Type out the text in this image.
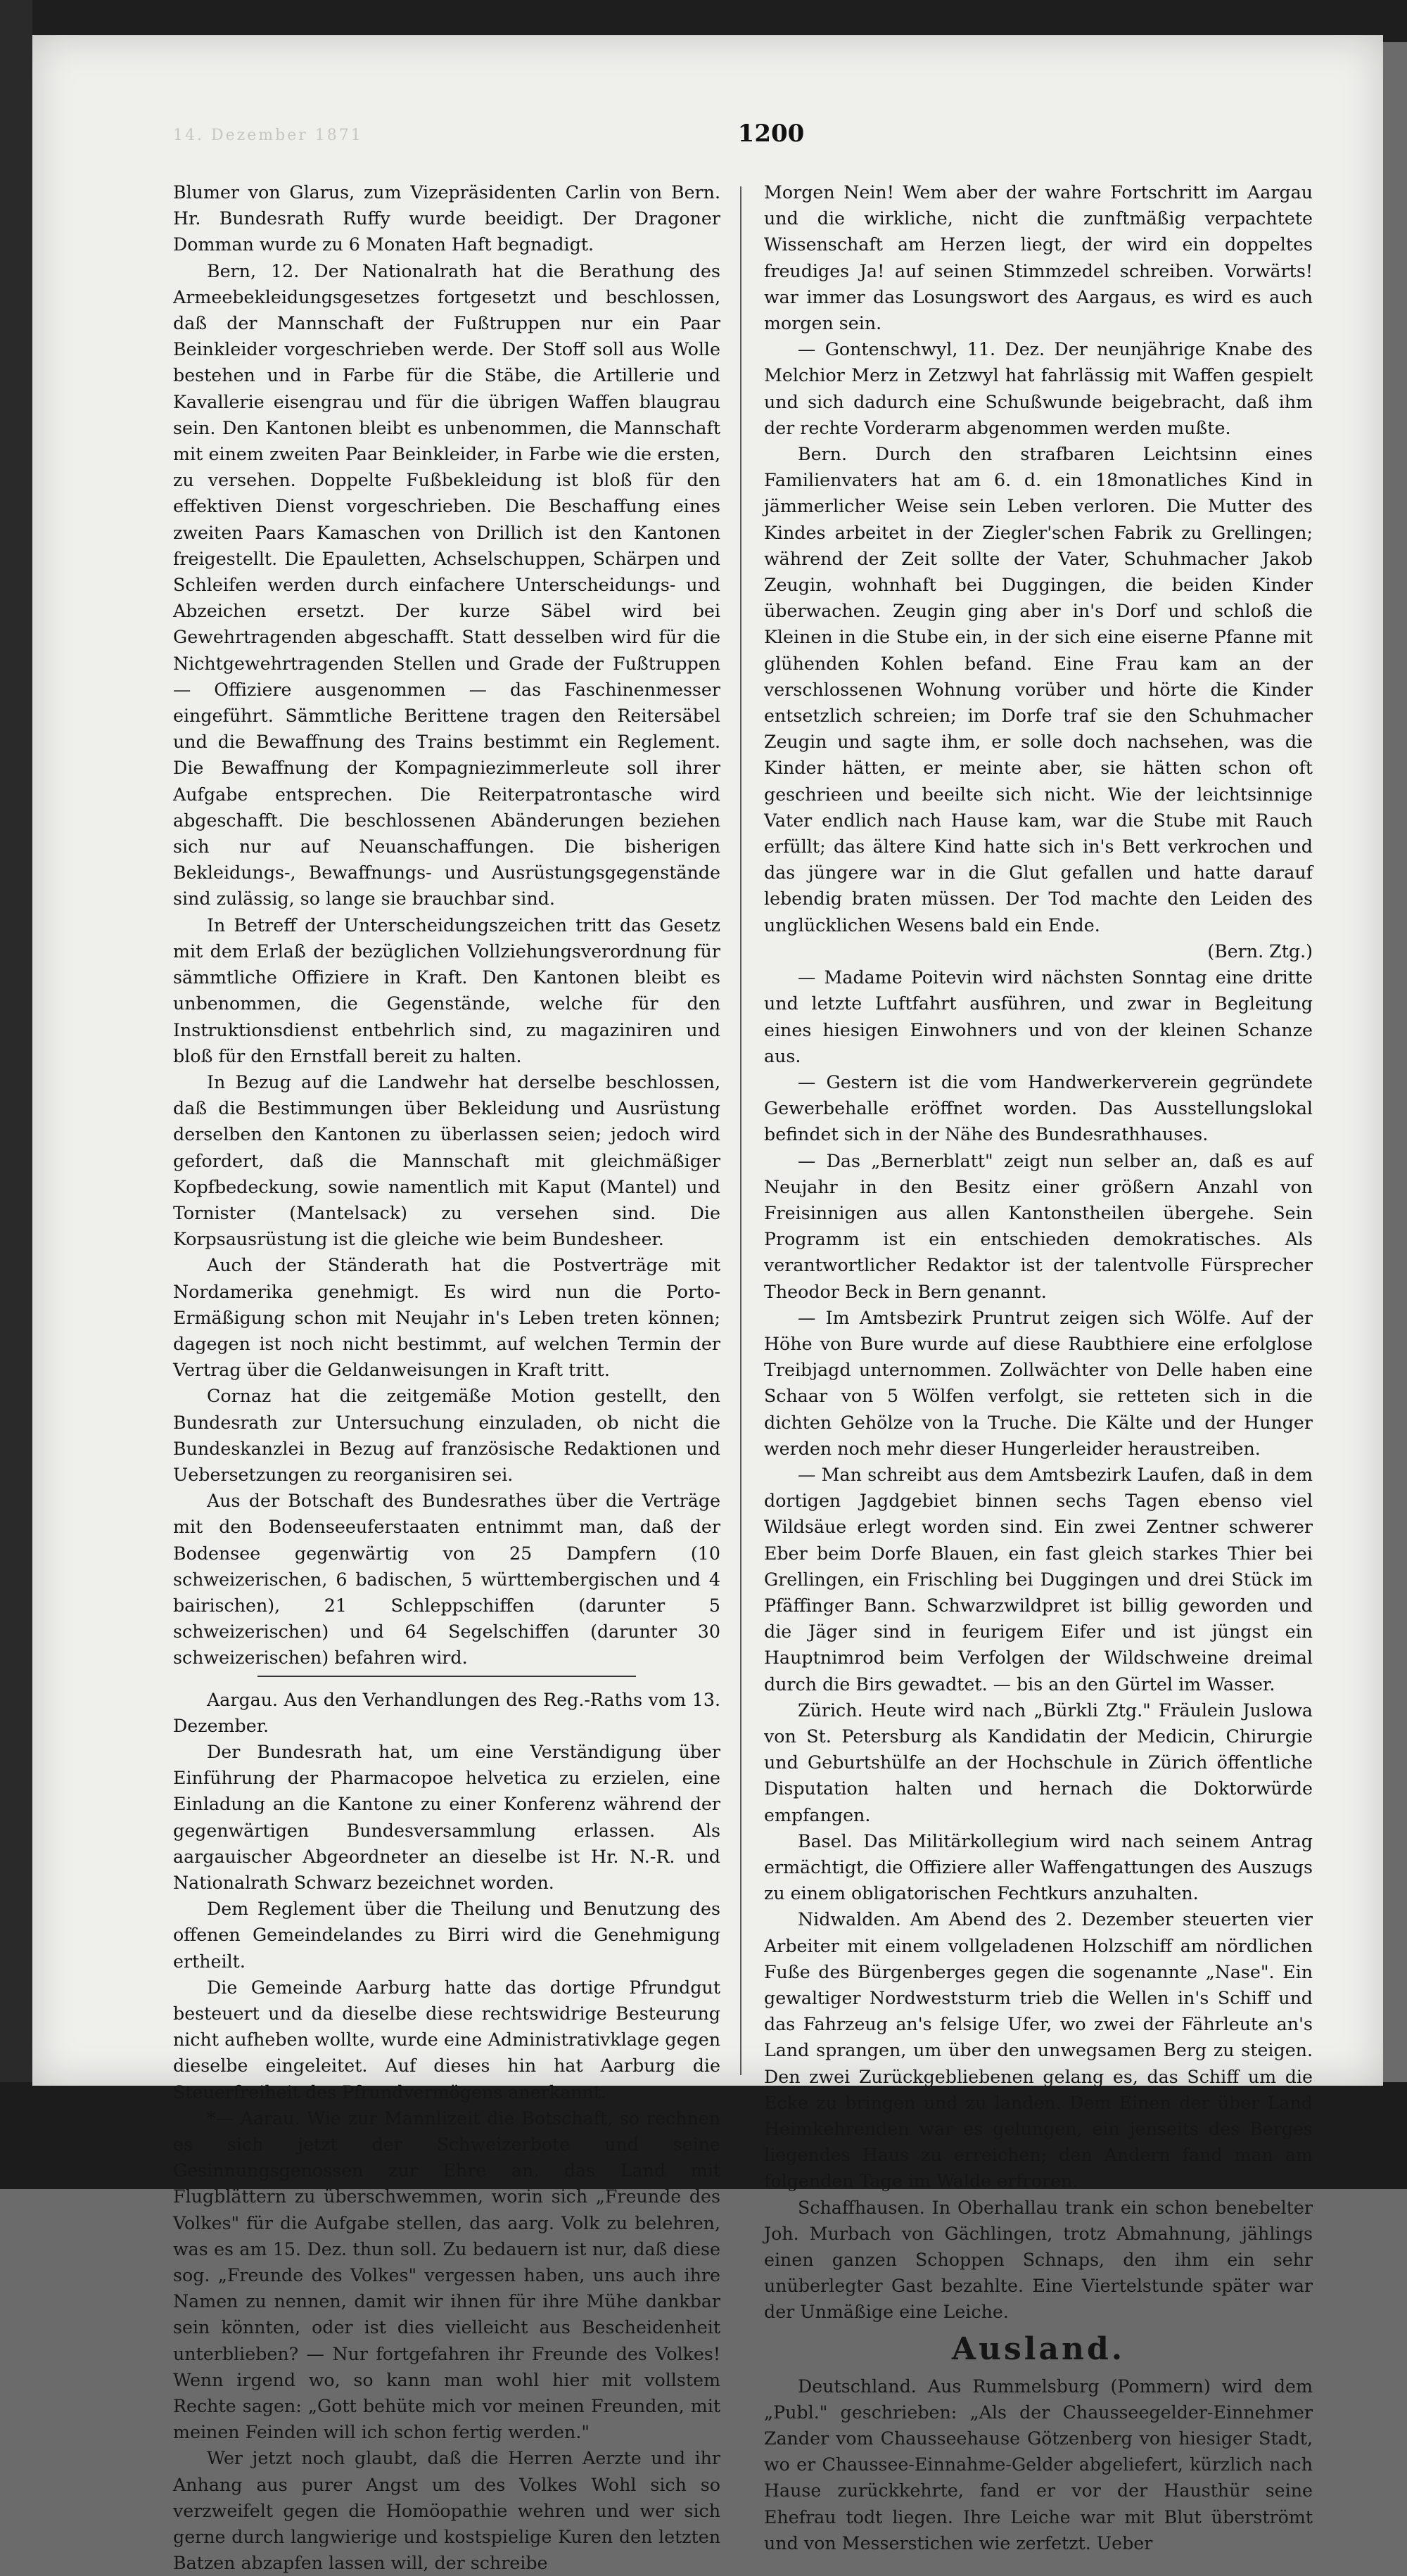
14. Dezember 1871	1200

Blumer von Glarus, zum Vizepräsidenten Carlin von Bern. Hr. Bundesrath Ruffy wurde beeidigt. Der Dragoner Domman wurde zu 6 Monaten Haft begnadigt.

Bern, 12. Der Nationalrath hat die Berathung des Armeebekleidungsgesetzes fortgesetzt und beschlossen, daß der Mannschaft der Fußtruppen nur ein Paar Beinkleider vorgeschrieben werde. Der Stoff soll aus Wolle bestehen und in Farbe für die Stäbe, die Artillerie und Kavallerie eisengrau und für die übrigen Waffen blaugrau sein. Den Kantonen bleibt es unbenommen, die Mannschaft mit einem zweiten Paar Beinkleider, in Farbe wie die ersten, zu versehen. Doppelte Fußbekleidung ist bloß für den effektiven Dienst vorgeschrieben. Die Beschaffung eines zweiten Paars Kamaschen von Drillich ist den Kantonen freigestellt. Die Epauletten, Achselschuppen, Schärpen und Schleifen werden durch einfachere Unterscheidungs- und Abzeichen ersetzt. Der kurze Säbel wird bei Gewehrtragenden abgeschafft. Statt desselben wird für die Nichtgewehrtragenden Stellen und Grade der Fußtruppen — Offiziere ausgenommen — das Faschinenmesser eingeführt. Sämmtliche Berittene tragen den Reitersäbel und die Bewaffnung des Trains bestimmt ein Reglement. Die Bewaffnung der Kompagniezimmerleute soll ihrer Aufgabe entsprechen. Die Reiterpatrontasche wird abgeschafft. Die beschlossenen Abänderungen beziehen sich nur auf Neuanschaffungen. Die bisherigen Bekleidungs-, Bewaffnungs- und Ausrüstungsgegenstände sind zulässig, so lange sie brauchbar sind.

In Betreff der Unterscheidungszeichen tritt das Gesetz mit dem Erlaß der bezüglichen Vollziehungsverordnung für sämmtliche Offiziere in Kraft. Den Kantonen bleibt es unbenommen, die Gegenstände, welche für den Instruktionsdienst entbehrlich sind, zu magaziniren und bloß für den Ernstfall bereit zu halten.

In Bezug auf die Landwehr hat derselbe beschlossen, daß die Bestimmungen über Bekleidung und Ausrüstung derselben den Kantonen zu überlassen seien; jedoch wird gefordert, daß die Mannschaft mit gleichmäßiger Kopfbedeckung, sowie namentlich mit Kaput (Mantel) und Tornister (Mantelsack) zu versehen sind. Die Korpsausrüstung ist die gleiche wie beim Bundesheer.

Auch der Ständerath hat die Postverträge mit Nordamerika genehmigt. Es wird nun die Porto-Ermäßigung schon mit Neujahr in's Leben treten können; dagegen ist noch nicht bestimmt, auf welchen Termin der Vertrag über die Geldanweisungen in Kraft tritt.

Cornaz hat die zeitgemäße Motion gestellt, den Bundesrath zur Untersuchung einzuladen, ob nicht die Bundeskanzlei in Bezug auf französische Redaktionen und Uebersetzungen zu reorganisiren sei.

Aus der Botschaft des Bundesrathes über die Verträge mit den Bodenseeuferstaaten entnimmt man, daß der Bodensee gegenwärtig von 25 Dampfern (10 schweizerischen, 6 badischen, 5 württembergischen und 4 bairischen), 21 Schleppschiffen (darunter 5 schweizerischen) und 64 Segelschiffen (darunter 30 schweizerischen) befahren wird.

Aargau. Aus den Verhandlungen des Reg.-Raths vom 13. Dezember.

Der Bundesrath hat, um eine Verständigung über Einführung der Pharmacopoe helvetica zu erzielen, eine Einladung an die Kantone zu einer Konferenz während der gegenwärtigen Bundesversammlung erlassen. Als aargauischer Abgeordneter an dieselbe ist Hr. N.-R. und Nationalrath Schwarz bezeichnet worden.

Dem Reglement über die Theilung und Benutzung des offenen Gemeindelandes zu Birri wird die Genehmigung ertheilt.

Die Gemeinde Aarburg hatte das dortige Pfrundgut besteuert und da dieselbe diese rechtswidrige Besteurung nicht aufheben wollte, wurde eine Administrativklage gegen dieselbe eingeleitet. Auf dieses hin hat Aarburg die Steuerfreiheit des Pfrundvermögens anerkannt.

*— Aarau. Wie zur Mannlizeit die Botschaft, so rechnen es sich jetzt der Schweizerbote und seine Gesinnungsgenossen zur Ehre an, das Land mit Flugblättern zu überschwemmen, worin sich „Freunde des Volkes" für die Aufgabe stellen, das aarg. Volk zu belehren, was es am 15. Dez. thun soll. Zu bedauern ist nur, daß diese sog. „Freunde des Volkes" vergessen haben, uns auch ihre Namen zu nennen, damit wir ihnen für ihre Mühe dankbar sein könnten, oder ist dies vielleicht aus Bescheidenheit unterblieben? — Nur fortgefahren ihr Freunde des Volkes! Wenn irgend wo, so kann man wohl hier mit vollstem Rechte sagen: „Gott behüte mich vor meinen Freunden, mit meinen Feinden will ich schon fertig werden."

Wer jetzt noch glaubt, daß die Herren Aerzte und ihr Anhang aus purer Angst um des Volkes Wohl sich so verzweifelt gegen die Homöopathie wehren und wer sich gerne durch langwierige und kostspielige Kuren den letzten Batzen abzapfen lassen will, der schreibe

Morgen Nein! Wem aber der wahre Fortschritt im Aargau und die wirkliche, nicht die zunftmäßig verpachtete Wissenschaft am Herzen liegt, der wird ein doppeltes freudiges Ja! auf seinen Stimmzedel schreiben. Vorwärts! war immer das Losungswort des Aargaus, es wird es auch morgen sein.

— Gontenschwyl, 11. Dez. Der neunjährige Knabe des Melchior Merz in Zetzwyl hat fahrlässig mit Waffen gespielt und sich dadurch eine Schußwunde beigebracht, daß ihm der rechte Vorderarm abgenommen werden mußte.

Bern. Durch den strafbaren Leichtsinn eines Familienvaters hat am 6. d. ein 18monatliches Kind in jämmerlicher Weise sein Leben verloren. Die Mutter des Kindes arbeitet in der Ziegler'schen Fabrik zu Grellingen; während der Zeit sollte der Vater, Schuhmacher Jakob Zeugin, wohnhaft bei Duggingen, die beiden Kinder überwachen. Zeugin ging aber in's Dorf und schloß die Kleinen in die Stube ein, in der sich eine eiserne Pfanne mit glühenden Kohlen befand. Eine Frau kam an der verschlossenen Wohnung vorüber und hörte die Kinder entsetzlich schreien; im Dorfe traf sie den Schuhmacher Zeugin und sagte ihm, er solle doch nachsehen, was die Kinder hätten, er meinte aber, sie hätten schon oft geschrieen und beeilte sich nicht. Wie der leichtsinnige Vater endlich nach Hause kam, war die Stube mit Rauch erfüllt; das ältere Kind hatte sich in's Bett verkrochen und das jüngere war in die Glut gefallen und hatte darauf lebendig braten müssen. Der Tod machte den Leiden des unglücklichen Wesens bald ein Ende.

(Bern. Ztg.)

— Madame Poitevin wird nächsten Sonntag eine dritte und letzte Luftfahrt ausführen, und zwar in Begleitung eines hiesigen Einwohners und von der kleinen Schanze aus.

— Gestern ist die vom Handwerkerverein gegründete Gewerbehalle eröffnet worden. Das Ausstellungslokal befindet sich in der Nähe des Bundesrathhauses.

— Das „Bernerblatt" zeigt nun selber an, daß es auf Neujahr in den Besitz einer größern Anzahl von Freisinnigen aus allen Kantonstheilen übergehe. Sein Programm ist ein entschieden demokratisches. Als verantwortlicher Redaktor ist der talentvolle Fürsprecher Theodor Beck in Bern genannt.

— Im Amtsbezirk Pruntrut zeigen sich Wölfe. Auf der Höhe von Bure wurde auf diese Raubthiere eine erfolglose Treibjagd unternommen. Zollwächter von Delle haben eine Schaar von 5 Wölfen verfolgt, sie retteten sich in die dichten Gehölze von la Truche. Die Kälte und der Hunger werden noch mehr dieser Hungerleider heraustreiben.

— Man schreibt aus dem Amtsbezirk Laufen, daß in dem dortigen Jagdgebiet binnen sechs Tagen ebenso viel Wildsäue erlegt worden sind. Ein zwei Zentner schwerer Eber beim Dorfe Blauen, ein fast gleich starkes Thier bei Grellingen, ein Frischling bei Duggingen und drei Stück im Pfäffinger Bann. Schwarzwildpret ist billig geworden und die Jäger sind in feurigem Eifer und ist jüngst ein Hauptnimrod beim Verfolgen der Wildschweine dreimal durch die Birs gewadtet. — bis an den Gürtel im Wasser.

Zürich. Heute wird nach „Bürkli Ztg." Fräulein Juslowa von St. Petersburg als Kandidatin der Medicin, Chirurgie und Geburtshülfe an der Hochschule in Zürich öffentliche Disputation halten und hernach die Doktorwürde empfangen.

Basel. Das Militärkollegium wird nach seinem Antrag ermächtigt, die Offiziere aller Waffengattungen des Auszugs zu einem obligatorischen Fechtkurs anzuhalten.

Nidwalden. Am Abend des 2. Dezember steuerten vier Arbeiter mit einem vollgeladenen Holzschiff am nördlichen Fuße des Bürgenberges gegen die sogenannte „Nase". Ein gewaltiger Nordweststurm trieb die Wellen in's Schiff und das Fahrzeug an's felsige Ufer, wo zwei der Fährleute an's Land sprangen, um über den unwegsamen Berg zu steigen. Den zwei Zurückgebliebenen gelang es, das Schiff um die Ecke zu bringen und zu landen. Dem Einen der über Land Heimkehrenden war es gelungen, ein jenseits des Berges liegendes Haus zu erreichen; den Andern fand man am folgenden Tage im Walde erfroren.

Schaffhausen. In Oberhallau trank ein schon benebelter Joh. Murbach von Gächlingen, trotz Abmahnung, jählings einen ganzen Schoppen Schnaps, den ihm ein sehr unüberlegter Gast bezahlte. Eine Viertelstunde später war der Unmäßige eine Leiche.

Ausland.

Deutschland. Aus Rummelsburg (Pommern) wird dem „Publ." geschrieben: „Als der Chausseegelder-Einnehmer Zander vom Chausseehause Götzenberg von hiesiger Stadt, wo er Chaussee-Einnahme-Gelder abgeliefert, kürzlich nach Hause zurückkehrte, fand er vor der Hausthür seine Ehefrau todt liegen. Ihre Leiche war mit Blut überströmt und von Messerstichen wie zerfetzt. Ueber
